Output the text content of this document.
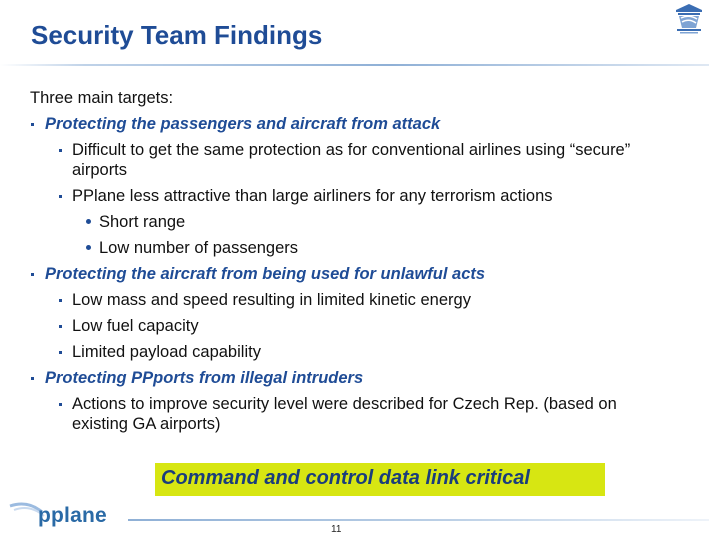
Security Team Findings
Three main targets:
Protecting the passengers and aircraft from attack
Difficult to get the same protection as for conventional airlines using “secure”
airports
PPlane less attractive than large airliners for any terrorism actions
Short range
Low number of passengers
Protecting the aircraft from being used for unlawful acts
Low mass and speed resulting in limited kinetic energy
Low fuel capacity
Limited payload capability
Protecting PPports from illegal intruders
Actions to improve security level were described for Czech Rep. (based on
existing GA airports)
Command and control data link critical
pplane
11
